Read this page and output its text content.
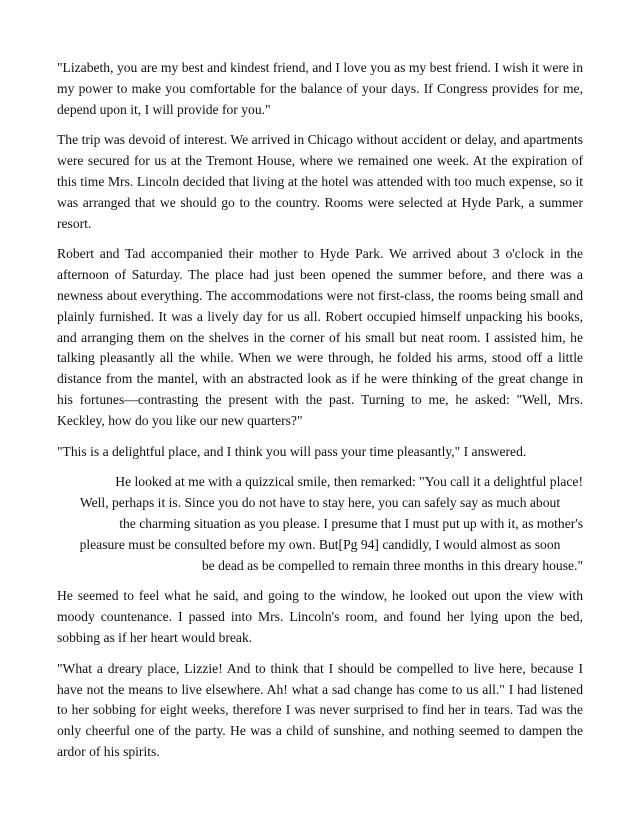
"Lizabeth, you are my best and kindest friend, and I love you as my best friend. I wish it were in my power to make you comfortable for the balance of your days. If Congress provides for me, depend upon it, I will provide for you."

The trip was devoid of interest. We arrived in Chicago without accident or delay, and apartments were secured for us at the Tremont House, where we remained one week. At the expiration of this time Mrs. Lincoln decided that living at the hotel was attended with too much expense, so it was arranged that we should go to the country. Rooms were selected at Hyde Park, a summer resort.

Robert and Tad accompanied their mother to Hyde Park. We arrived about 3 o'clock in the afternoon of Saturday. The place had just been opened the summer before, and there was a newness about everything. The accommodations were not first-class, the rooms being small and plainly furnished. It was a lively day for us all. Robert occupied himself unpacking his books, and arranging them on the shelves in the corner of his small but neat room. I assisted him, he talking pleasantly all the while. When we were through, he folded his arms, stood off a little distance from the mantel, with an abstracted look as if he were thinking of the great change in his fortunes—contrasting the present with the past. Turning to me, he asked: "Well, Mrs. Keckley, how do you like our new quarters?"

"This is a delightful place, and I think you will pass your time pleasantly," I answered.

He looked at me with a quizzical smile, then remarked: "You call it a delightful place!
Well, perhaps it is. Since you do not have to stay here, you can safely say as much about
the charming situation as you please. I presume that I must put up with it, as mother's
pleasure must be consulted before my own. But[Pg 94] candidly, I would almost as soon
be dead as be compelled to remain three months in this dreary house."

He seemed to feel what he said, and going to the window, he looked out upon the view with moody countenance. I passed into Mrs. Lincoln's room, and found her lying upon the bed, sobbing as if her heart would break.

"What a dreary place, Lizzie! And to think that I should be compelled to live here, because I have not the means to live elsewhere. Ah! what a sad change has come to us all." I had listened to her sobbing for eight weeks, therefore I was never surprised to find her in tears. Tad was the only cheerful one of the party. He was a child of sunshine, and nothing seemed to dampen the ardor of his spirits.
